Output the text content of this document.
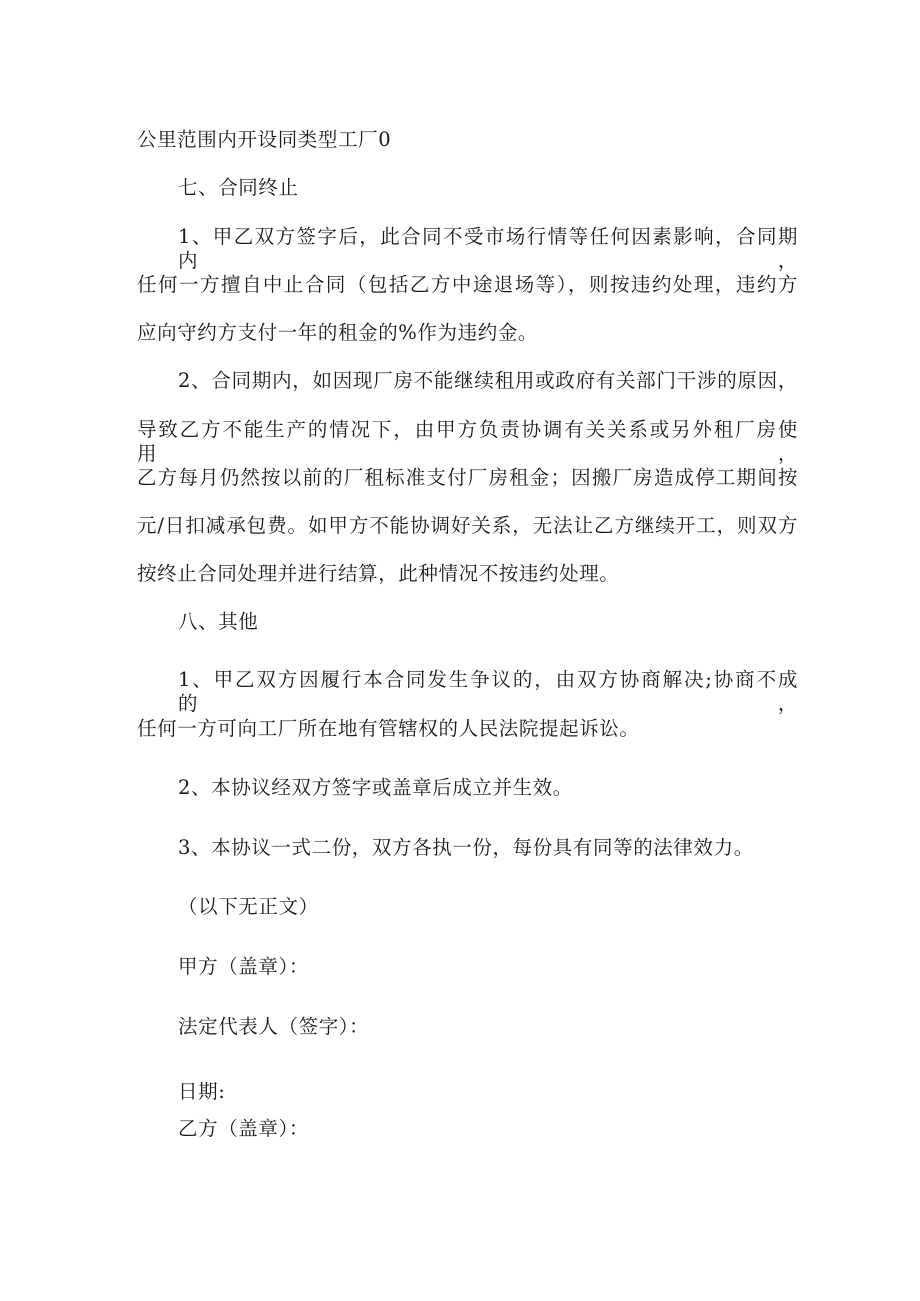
公里范围内开设同类型工厂0
七、合同终止
1、甲乙双方签字后，此合同不受市场行情等任何因素影响，合同期内，
任何一方擅自中止合同（包括乙方中途退场等），则按违约处理，违约方
应向守约方支付一年的租金的%作为违约金。
2、合同期内，如因现厂房不能继续租用或政府有关部门干涉的原因，
导致乙方不能生产的情况下，由甲方负责协调有关关系或另外租厂房使用，
乙方每月仍然按以前的厂租标准支付厂房租金；因搬厂房造成停工期间按
元/日扣减承包费。如甲方不能协调好关系，无法让乙方继续开工，则双方
按终止合同处理并进行结算，此种情况不按违约处理。
八、其他
1、甲乙双方因履行本合同发生争议的，由双方协商解决;协商不成的，
任何一方可向工厂所在地有管辖权的人民法院提起诉讼。
2、本协议经双方签字或盖章后成立并生效。
3、本协议一式二份，双方各执一份，每份具有同等的法律效力。
（以下无正文）
甲方（盖章）：
法定代表人（签字）：
日期:
乙方（盖章）：
